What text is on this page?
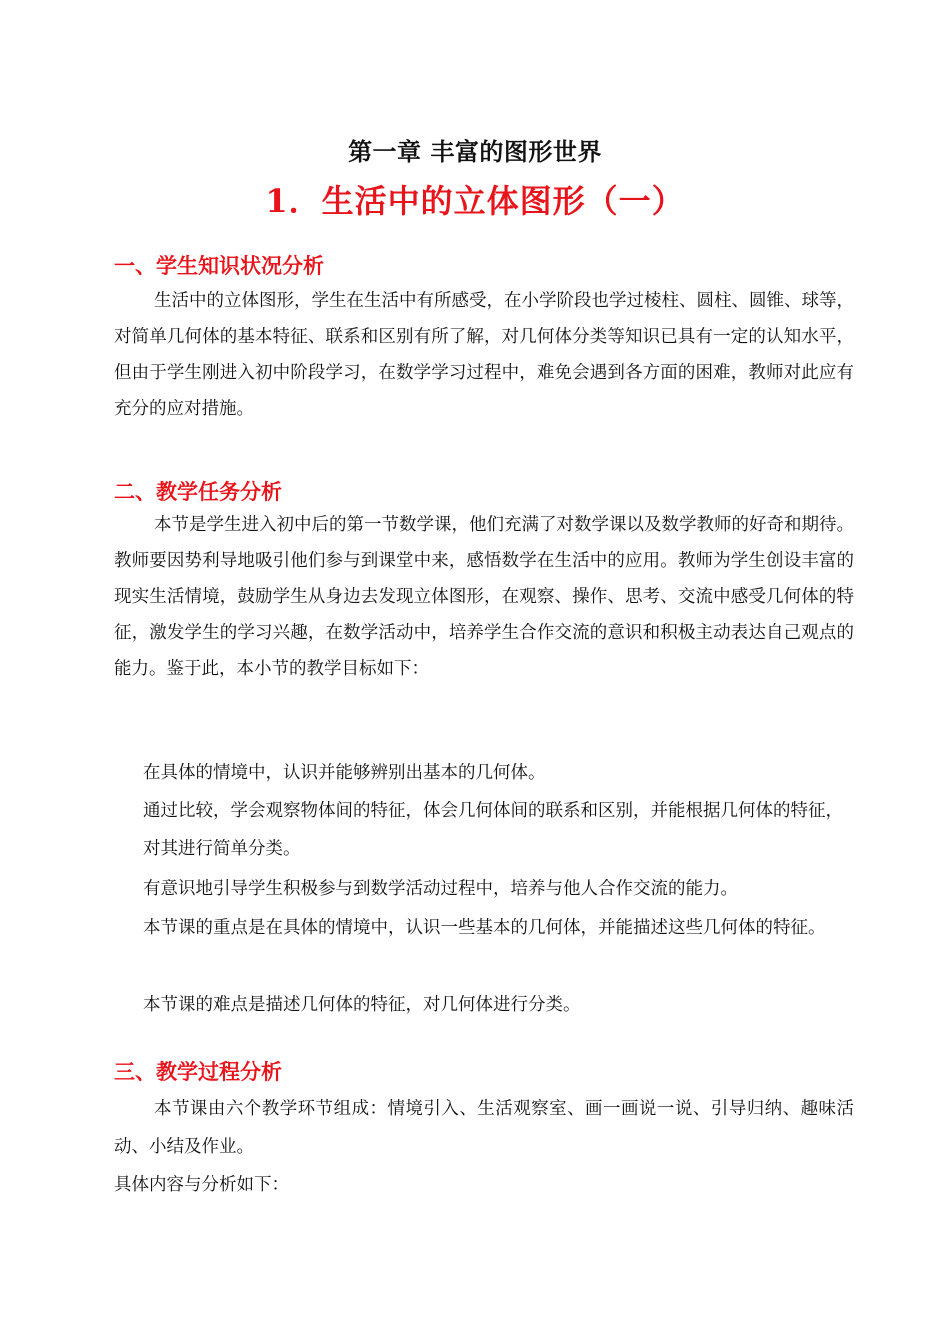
第一章 丰富的图形世界
1．生活中的立体图形（一）
一、学生知识状况分析
生活中的立体图形，学生在生活中有所感受，在小学阶段也学过棱柱、圆柱、圆锥、球等，对简单几何体的基本特征、联系和区别有所了解，对几何体分类等知识已具有一定的认知水平，但由于学生刚进入初中阶段学习，在数学学习过程中，难免会遇到各方面的困难，教师对此应有充分的应对措施。
二、教学任务分析
本节是学生进入初中后的第一节数学课，他们充满了对数学课以及数学教师的好奇和期待。教师要因势利导地吸引他们参与到课堂中来，感悟数学在生活中的应用。教师为学生创设丰富的现实生活情境，鼓励学生从身边去发现立体图形，在观察、操作、思考、交流中感受几何体的特征，激发学生的学习兴趣，在数学活动中，培养学生合作交流的意识和积极主动表达自己观点的能力。鉴于此，本小节的教学目标如下：
在具体的情境中，认识并能够辨别出基本的几何体。
通过比较，学会观察物体间的特征，体会几何体间的联系和区别，并能根据几何体的特征，对其进行简单分类。
有意识地引导学生积极参与到数学活动过程中，培养与他人合作交流的能力。
本节课的重点是在具体的情境中，认识一些基本的几何体，并能描述这些几何体的特征。
本节课的难点是描述几何体的特征，对几何体进行分类。
三、教学过程分析
本节课由六个教学环节组成：情境引入、生活观察室、画一画说一说、引导归纳、趣味活动、小结及作业。
具体内容与分析如下：
